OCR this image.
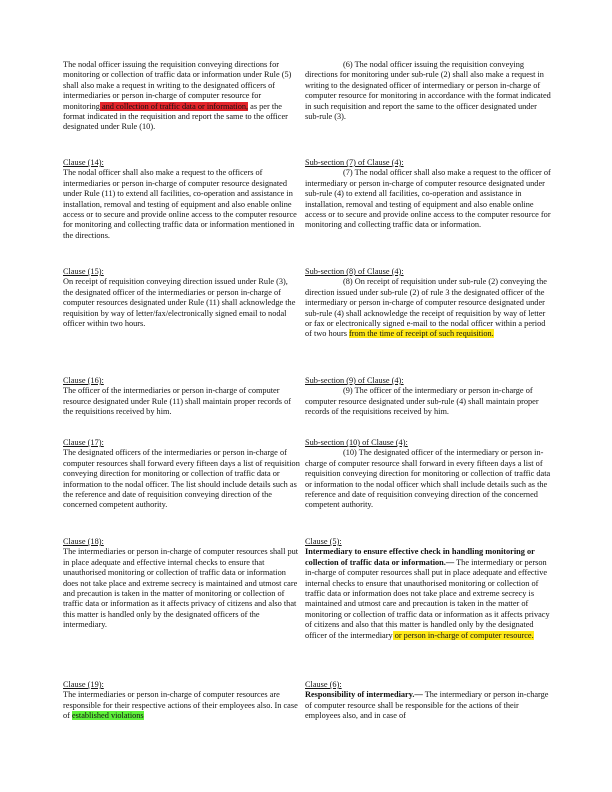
The nodal officer issuing the requisition conveying directions for monitoring or collection of traffic data or information under Rule (5) shall also make a request in writing to the designated officers of intermediaries or person in-charge of computer resource for monitoring and collection of traffic data or information, as per the format indicated in the requisition and report the same to the officer designated under Rule (10).

Clause (14):

The nodal officer shall also make a request to the officers of intermediaries or person in-charge of computer resource designated under Rule (11) to extend all facilities, co-operation and assistance in installation, removal and testing of equipment and also enable online access or to secure and provide online access to the computer resource for monitoring and collecting traffic data or information mentioned in the directions.

Clause (15):

On receipt of requisition conveying direction issued under Rule (3), the designated officer of the intermediaries or person in-charge of computer resources designated under Rule (11) shall acknowledge the requisition by way of letter/fax/electronically signed email to nodal officer within two hours.

Clause (16):

The officer of the intermediaries or person in-charge of computer resource designated under Rule (11) shall maintain proper records of the requisitions received by him.

Clause (17):

The designated officers of the intermediaries or person in-charge of computer resources shall forward every fifteen days a list of requisition conveying direction for monitoring or collection of traffic data or information to the nodal officer. The list should include details such as the reference and date of requisition conveying direction of the concerned competent authority.

Clause (18):

The intermediaries or person in-charge of computer resources shall put in place adequate and effective internal checks to ensure that unauthorised monitoring or collection of traffic data or information does not take place and extreme secrecy is maintained and utmost care and precaution is taken in the matter of monitoring or collection of traffic data or information as it affects privacy of citizens and also that this matter is handled only by the designated officers of the intermediary.

Clause (19):

The intermediaries or person in-charge of computer resources are responsible for their respective actions of their employees also. In case of established violations

(6) The nodal officer issuing the requisition conveying directions for monitoring under sub-rule (2) shall also make a request in writing to the designated officer of intermediary or person in-charge of computer resource for monitoring in accordance with the format indicated in such requisition and report the same to the officer designated under sub-rule (3).

Sub-section (7) of Clause (4):

(7) The nodal officer shall also make a request to the officer of intermediary or person in-charge of computer resource designated under sub-rule (4) to extend all facilities, co-operation and assistance in installation, removal and testing of equipment and also enable online access or to secure and provide online access to the computer resource for monitoring and collecting traffic data or information.

Sub-section (8) of Clause (4):

(8) On receipt of requisition under sub-rule (2) conveying the direction issued under sub-rule (2) of rule 3 the designated officer of the intermediary or person in-charge of computer resource designated under sub-rule (4) shall acknowledge the receipt of requisition by way of letter or fax or electronically signed e-mail to the nodal officer within a period of two hours from the time of receipt of such requisition.

Sub-section (9) of Clause (4):

(9) The officer of the intermediary or person in-charge of computer resource designated under sub-rule (4) shall maintain proper records of the requisitions received by him.

Sub-section (10) of Clause (4):

(10) The designated officer of the intermediary or person in-charge of computer resource shall forward in every fifteen days a list of requisition conveying direction for monitoring or collection of traffic data or information to the nodal officer which shall include details such as the reference and date of requisition conveying direction of the concerned competent authority.

Clause (5):

Intermediary to ensure effective check in handling monitoring or collection of traffic data or information.— The intermediary or person in-charge of computer resources shall put in place adequate and effective internal checks to ensure that unauthorised monitoring or collection of traffic data or information does not take place and extreme secrecy is maintained and utmost care and precaution is taken in the matter of monitoring or collection of traffic data or information as it affects privacy of citizens and also that this matter is handled only by the designated officer of the intermediary or person in-charge of computer resource.

Clause (6):

Responsibility of intermediary.— The intermediary or person in-charge of computer resource shall be responsible for the actions of their employees also, and in case of
